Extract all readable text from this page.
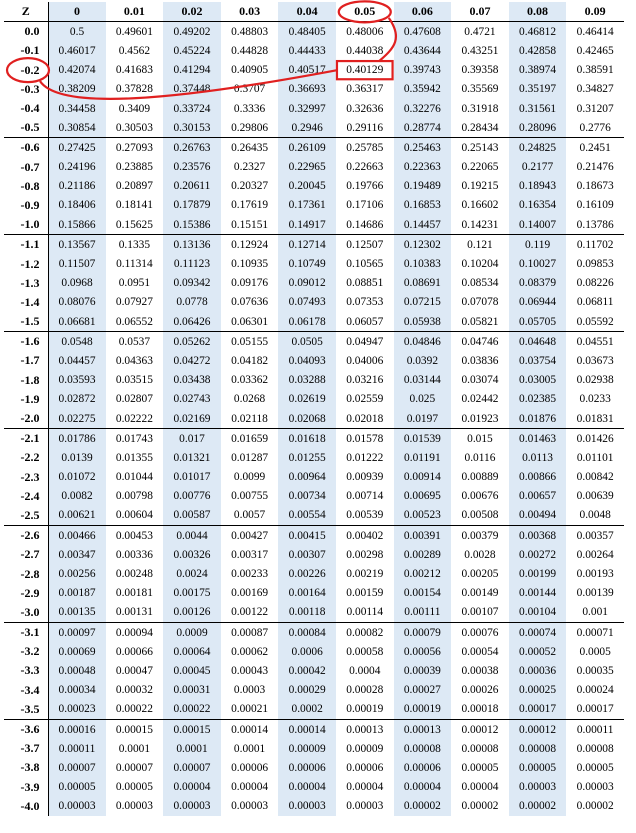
Z	0	0.01	0.02	0.03	0.04	0.05	0.06	0.07	0.08	0.09
0.0	0.5	0.49601	0.49202	0.48803	0.48405	0.48006	0.47608	0.4721	0.46812	0.46414
-0.1	0.46017	0.4562	0.45224	0.44828	0.44433	0.44038	0.43644	0.43251	0.42858	0.42465
-0.2	0.42074	0.41683	0.41294	0.40905	0.40517	0.40129	0.39743	0.39358	0.38974	0.38591
-0.3	0.38209	0.37828	0.37448	0.3707	0.36693	0.36317	0.35942	0.35569	0.35197	0.34827
-0.4	0.34458	0.3409	0.33724	0.3336	0.32997	0.32636	0.32276	0.31918	0.31561	0.31207
-0.5	0.30854	0.30503	0.30153	0.29806	0.2946	0.29116	0.28774	0.28434	0.28096	0.2776
-0.6	0.27425	0.27093	0.26763	0.26435	0.26109	0.25785	0.25463	0.25143	0.24825	0.2451
-0.7	0.24196	0.23885	0.23576	0.2327	0.22965	0.22663	0.22363	0.22065	0.2177	0.21476
-0.8	0.21186	0.20897	0.20611	0.20327	0.20045	0.19766	0.19489	0.19215	0.18943	0.18673
-0.9	0.18406	0.18141	0.17879	0.17619	0.17361	0.17106	0.16853	0.16602	0.16354	0.16109
-1.0	0.15866	0.15625	0.15386	0.15151	0.14917	0.14686	0.14457	0.14231	0.14007	0.13786
-1.1	0.13567	0.1335	0.13136	0.12924	0.12714	0.12507	0.12302	0.121	0.119	0.11702
-1.2	0.11507	0.11314	0.11123	0.10935	0.10749	0.10565	0.10383	0.10204	0.10027	0.09853
-1.3	0.0968	0.0951	0.09342	0.09176	0.09012	0.08851	0.08691	0.08534	0.08379	0.08226
-1.4	0.08076	0.07927	0.0778	0.07636	0.07493	0.07353	0.07215	0.07078	0.06944	0.06811
-1.5	0.06681	0.06552	0.06426	0.06301	0.06178	0.06057	0.05938	0.05821	0.05705	0.05592
-1.6	0.0548	0.0537	0.05262	0.05155	0.0505	0.04947	0.04846	0.04746	0.04648	0.04551
-1.7	0.04457	0.04363	0.04272	0.04182	0.04093	0.04006	0.0392	0.03836	0.03754	0.03673
-1.8	0.03593	0.03515	0.03438	0.03362	0.03288	0.03216	0.03144	0.03074	0.03005	0.02938
-1.9	0.02872	0.02807	0.02743	0.0268	0.02619	0.02559	0.025	0.02442	0.02385	0.0233
-2.0	0.02275	0.02222	0.02169	0.02118	0.02068	0.02018	0.0197	0.01923	0.01876	0.01831
-2.1	0.01786	0.01743	0.017	0.01659	0.01618	0.01578	0.01539	0.015	0.01463	0.01426
-2.2	0.0139	0.01355	0.01321	0.01287	0.01255	0.01222	0.01191	0.0116	0.0113	0.01101
-2.3	0.01072	0.01044	0.01017	0.0099	0.00964	0.00939	0.00914	0.00889	0.00866	0.00842
-2.4	0.0082	0.00798	0.00776	0.00755	0.00734	0.00714	0.00695	0.00676	0.00657	0.00639
-2.5	0.00621	0.00604	0.00587	0.0057	0.00554	0.00539	0.00523	0.00508	0.00494	0.0048
-2.6	0.00466	0.00453	0.0044	0.00427	0.00415	0.00402	0.00391	0.00379	0.00368	0.00357
-2.7	0.00347	0.00336	0.00326	0.00317	0.00307	0.00298	0.00289	0.0028	0.00272	0.00264
-2.8	0.00256	0.00248	0.0024	0.00233	0.00226	0.00219	0.00212	0.00205	0.00199	0.00193
-2.9	0.00187	0.00181	0.00175	0.00169	0.00164	0.00159	0.00154	0.00149	0.00144	0.00139
-3.0	0.00135	0.00131	0.00126	0.00122	0.00118	0.00114	0.00111	0.00107	0.00104	0.001
-3.1	0.00097	0.00094	0.0009	0.00087	0.00084	0.00082	0.00079	0.00076	0.00074	0.00071
-3.2	0.00069	0.00066	0.00064	0.00062	0.0006	0.00058	0.00056	0.00054	0.00052	0.0005
-3.3	0.00048	0.00047	0.00045	0.00043	0.00042	0.0004	0.00039	0.00038	0.00036	0.00035
-3.4	0.00034	0.00032	0.00031	0.0003	0.00029	0.00028	0.00027	0.00026	0.00025	0.00024
-3.5	0.00023	0.00022	0.00022	0.00021	0.0002	0.00019	0.00019	0.00018	0.00017	0.00017
-3.6	0.00016	0.00015	0.00015	0.00014	0.00014	0.00013	0.00013	0.00012	0.00012	0.00011
-3.7	0.00011	0.0001	0.0001	0.0001	0.00009	0.00009	0.00008	0.00008	0.00008	0.00008
-3.8	0.00007	0.00007	0.00007	0.00006	0.00006	0.00006	0.00006	0.00005	0.00005	0.00005
-3.9	0.00005	0.00005	0.00004	0.00004	0.00004	0.00004	0.00004	0.00004	0.00003	0.00003
-4.0	0.00003	0.00003	0.00003	0.00003	0.00003	0.00003	0.00002	0.00002	0.00002	0.00002
